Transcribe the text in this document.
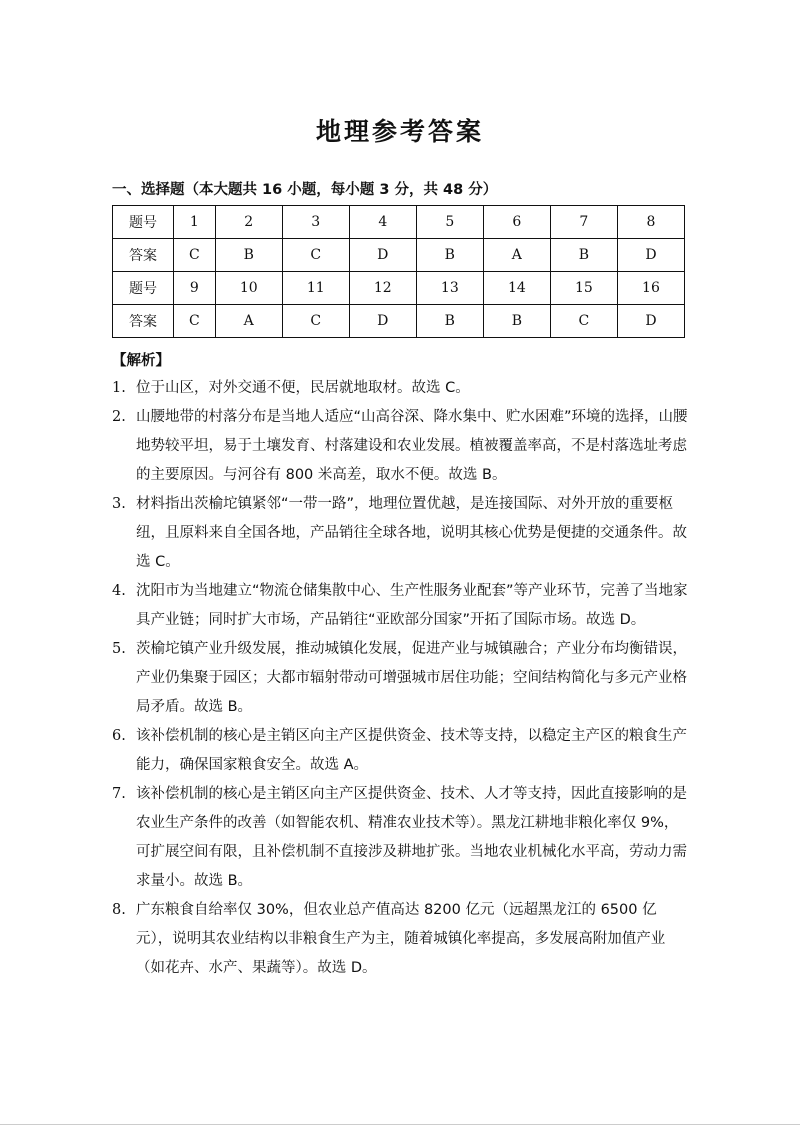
地理参考答案
一、选择题（本大题共 16 小题，每小题 3 分，共 48 分）
题号	1	2	3	4	5	6	7	8
答案	C	B	C	D	B	A	B	D
题号	9	10	11	12	13	14	15	16
答案	C	A	C	D	B	B	C	D
【解析】
1. 位于山区，对外交通不便，民居就地取材。故选 C。
2. 山腰地带的村落分布是当地人适应“山高谷深、降水集中、贮水困难”环境的选择，山腰地势较平坦，易于土壤发育、村落建设和农业发展。植被覆盖率高，不是村落选址考虑的主要原因。与河谷有 800 米高差，取水不便。故选 B。
3. 材料指出茨榆坨镇紧邻“一带一路”，地理位置优越，是连接国际、对外开放的重要枢纽，且原料来自全国各地，产品销往全球各地，说明其核心优势是便捷的交通条件。故选 C。
4. 沈阳市为当地建立“物流仓储集散中心、生产性服务业配套”等产业环节，完善了当地家具产业链；同时扩大市场，产品销往“亚欧部分国家”开拓了国际市场。故选 D。
5. 茨榆坨镇产业升级发展，推动城镇化发展，促进产业与城镇融合；产业分布均衡错误，产业仍集聚于园区；大都市辐射带动可增强城市居住功能；空间结构简化与多元产业格局矛盾。故选 B。
6. 该补偿机制的核心是主销区向主产区提供资金、技术等支持，以稳定主产区的粮食生产能力，确保国家粮食安全。故选 A。
7. 该补偿机制的核心是主销区向主产区提供资金、技术、人才等支持，因此直接影响的是农业生产条件的改善（如智能农机、精准农业技术等）。黑龙江耕地非粮化率仅 9%，可扩展空间有限，且补偿机制不直接涉及耕地扩张。当地农业机械化水平高，劳动力需求量小。故选 B。
8. 广东粮食自给率仅 30%，但农业总产值高达 8200 亿元（远超黑龙江的 6500 亿元），说明其农业结构以非粮食生产为主，随着城镇化率提高，多发展高附加值产业（如花卉、水产、果蔬等）。故选 D。
